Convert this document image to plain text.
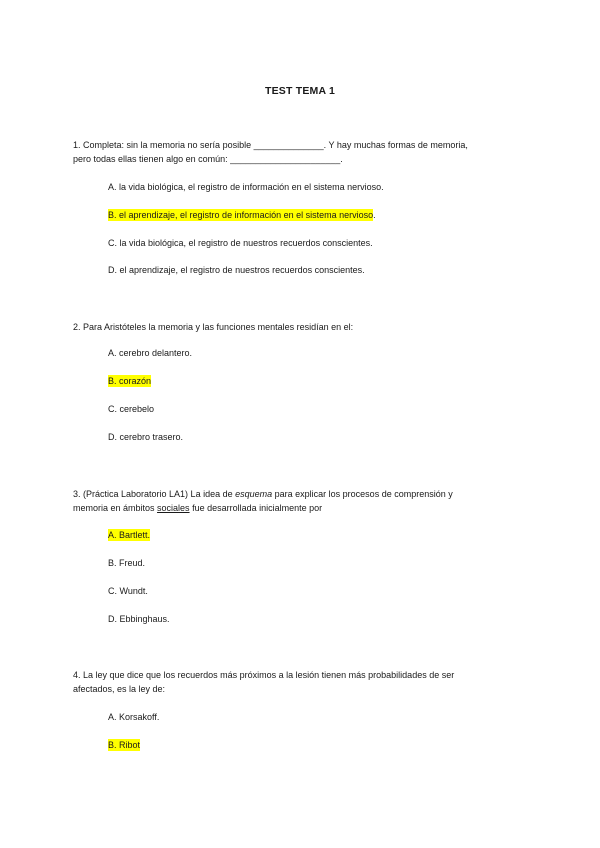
TEST TEMA 1
1. Completa: sin la memoria no sería posible ______________. Y hay muchas formas de memoria,
pero todas ellas tienen algo en común: ______________________.
A. la vida biológica, el registro de información en el sistema nervioso.
B. el aprendizaje, el registro de información en el sistema nervioso.
C. la vida biológica, el registro de nuestros recuerdos conscientes.
D. el aprendizaje, el registro de nuestros recuerdos conscientes.
2. Para Aristóteles la memoria y las funciones mentales residían en el:
A. cerebro delantero.
B. corazón
C. cerebelo
D. cerebro trasero.
3. (Práctica Laboratorio LA1) La idea de esquema para explicar los procesos de comprensión y
memoria en ámbitos sociales fue desarrollada inicialmente por
A. Bartlett.
B. Freud.
C. Wundt.
D. Ebbinghaus.
4. La ley que dice que los recuerdos más próximos a la lesión tienen más probabilidades de ser
afectados, es la ley de:
A. Korsakoff.
B. Ribot
